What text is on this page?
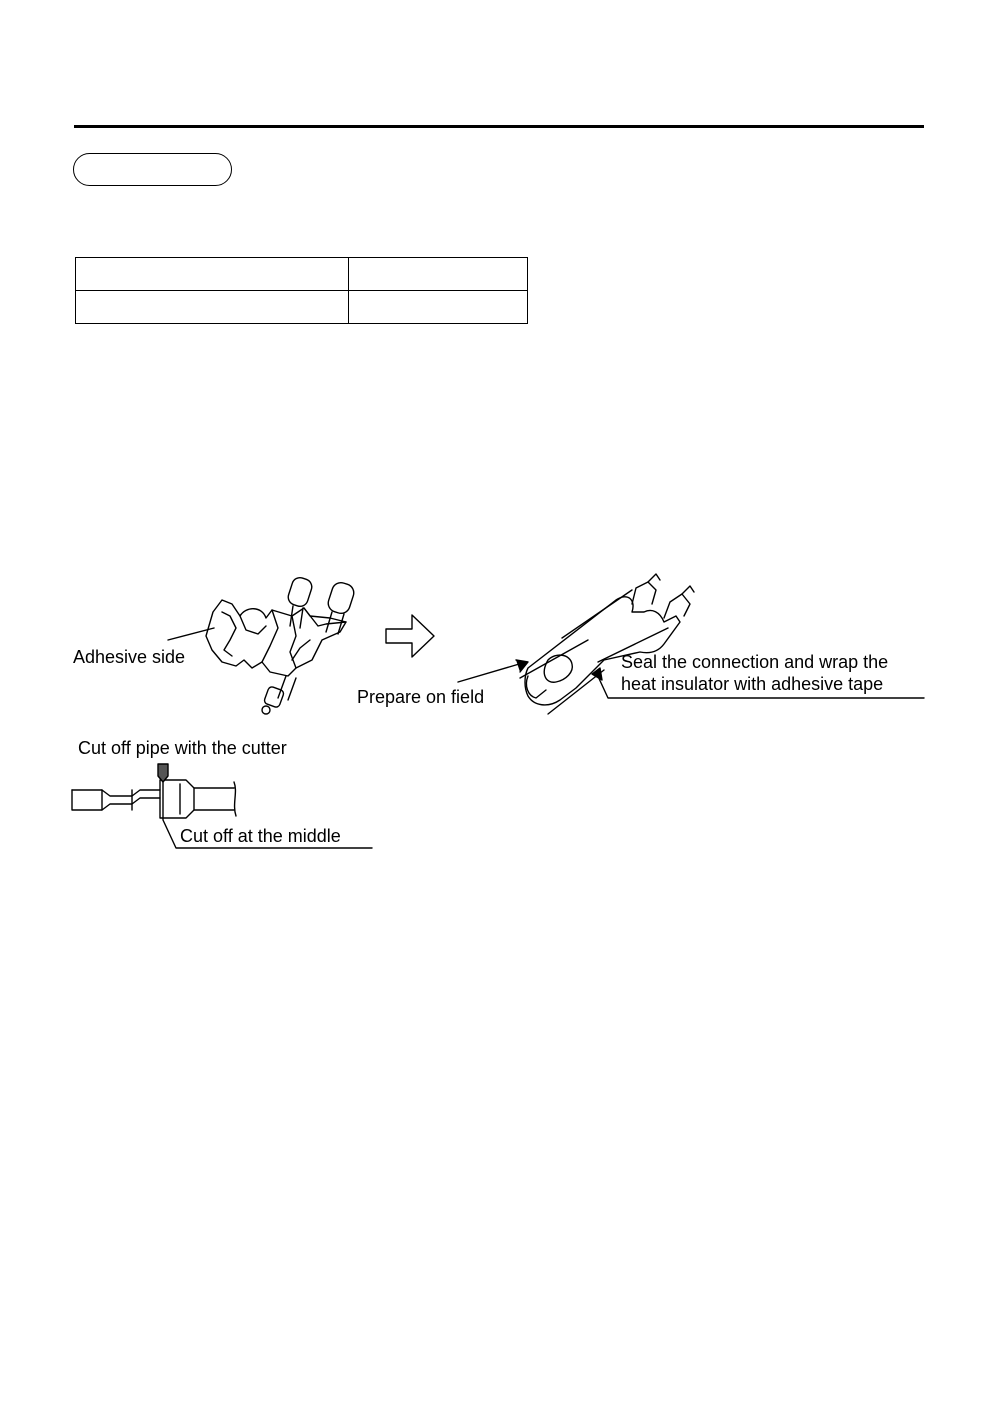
Adhesive side
Prepare on field
Seal the connection and wrap the
heat insulator with adhesive tape
Cut off pipe with the cutter
Cut off at the middle
